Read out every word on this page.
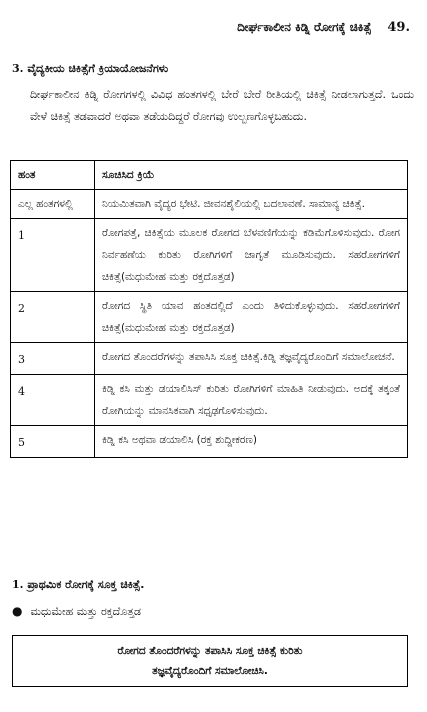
ದೀರ್ಘಕಾಲೀನ ಕಿಡ್ನಿ ರೋಗಕ್ಕೆ ಚಿಕಿತ್ಸೆ 49.
3. ವೈದ್ಯಕೀಯ ಚಿಕಿತ್ಸೆಗೆ ಕ್ರಿಯಾಯೋಜನೆಗಳು
ದೀರ್ಘಕಾಲೀನ ಕಿಡ್ನಿ ರೋಗಗಳಲ್ಲಿ ವಿವಿಧ ಹಂತಗಳಲ್ಲಿ ಬೇರೆ ಬೇರೆ ರೀತಿಯಲ್ಲಿ ಚಿಕಿತ್ಸೆ ನೀಡಲಾಗುತ್ತದೆ. ಒಂದು ವೇಳೆ ಚಿಕಿತ್ಸೆ ತಡವಾದರೆ ಅಥವಾ ತಡೆಯದಿದ್ದರೆ ರೋಗವು ಉಲ್ಬಣಗೊಳ್ಳಬಹುದು.
ಹಂತ	ಸೂಚಿಸಿದ ಕ್ರಿಯೆ
ಎಲ್ಲ ಹಂತಗಳಲ್ಲಿ	ನಿಯಮಿತವಾಗಿ ವೈದ್ಯರ ಭೇಟಿ. ಜೀವನಶೈಲಿಯಲ್ಲಿ ಬದಲಾವಣೆ. ಸಾಮಾನ್ಯ ಚಿಕಿತ್ಸೆ.
1	ರೋಗಪತ್ತೆ, ಚಿಕಿತ್ಸೆಯ ಮೂಲಕ ರೋಗದ ಬೆಳವಣಿಗೆಯನ್ನು ಕಡಿಮೆಗೊಳಿಸುವುದು. ರೋಗ ನಿರ್ವಹಣೆಯ ಕುರಿತು ರೋಗಿಗಳಿಗೆ ಜಾಗೃತೆ ಮೂಡಿಸುವುದು. ಸಹರೋಗಗಳಿಗೆ ಚಿಕಿತ್ಸೆ(ಮಧುಮೇಹ ಮತ್ತು ರಕ್ತದೊತ್ತಡ)
2	ರೋಗದ ಸ್ಥಿತಿ ಯಾವ ಹಂತದಲ್ಲಿದೆ ಎಂದು ತಿಳಿದುಕೊಳ್ಳುವುದು. ಸಹರೋಗಗಳಿಗೆ ಚಿಕಿತ್ಸೆ(ಮಧುಮೇಹ ಮತ್ತು ರಕ್ತದೊತ್ತಡ)
3	ರೋಗದ ತೊಂದರೆಗಳನ್ನು ತಪಾಸಿಸಿ ಸೂಕ್ತ ಚಿಕಿತ್ಸೆ.ಕಿಡ್ನಿ ತಜ್ಞವೈದ್ಯರೊಂದಿಗೆ ಸಮಾಲೋಚನೆ.
4	ಕಿಡ್ನಿ ಕಸಿ ಮತ್ತು ಡಯಾಲಿಸಿಸ್ ಕುರಿತು ರೋಗಿಗಳಿಗೆ ಮಾಹಿತಿ ನೀಡುವುದು. ಅದಕ್ಕೆ ತಕ್ಕಂತೆ ರೋಗಿಯನ್ನು ಮಾನಸಿಕವಾಗಿ ಸಧೃಢಗೊಳಿಸುವುದು.
5	ಕಿಡ್ನಿ ಕಸಿ ಅಥವಾ ಡಯಾಲಿಸಿ (ರಕ್ತ ಶುದ್ದೀಕರಣ)
1. ಪ್ರಾಥಮಿಕ ರೋಗಕ್ಕೆ ಸೂಕ್ತ ಚಿಕಿತ್ಸೆ.
● ಮಧುಮೇಹ ಮತ್ತು ರಕ್ತದೊತ್ತಡ
ರೋಗದ ತೊಂದರೆಗಳನ್ನು ತಪಾಸಿಸಿ ಸೂಕ್ತ ಚಿಕಿತ್ಸೆ ಕುರಿತು
ತಜ್ಞವೈದ್ಯರೊಂದಿಗೆ ಸಮಾಲೋಚಿಸಿ.
